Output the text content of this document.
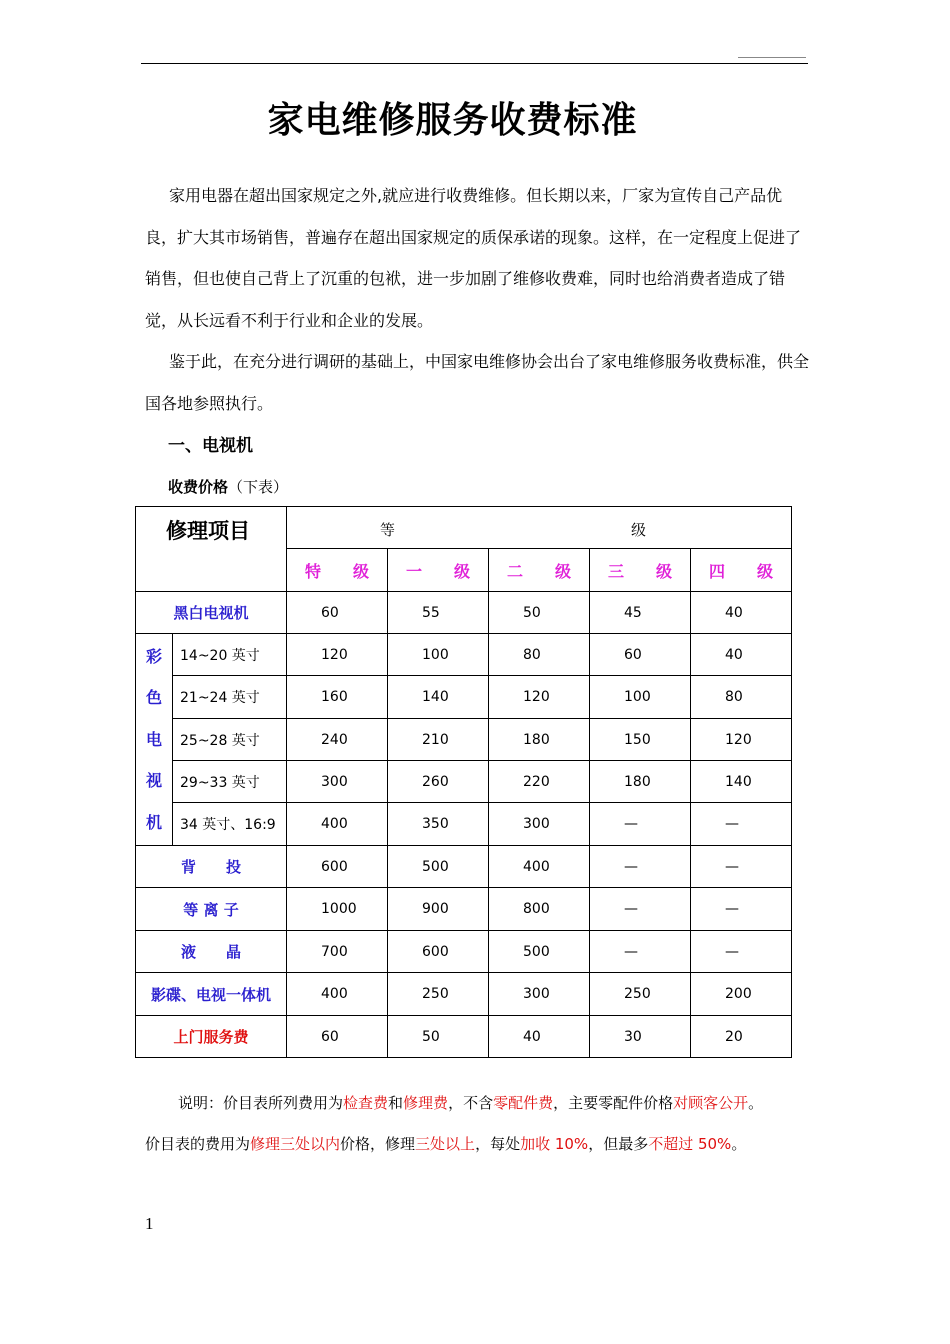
家电维修服务收费标准
家用电器在超出国家规定之外,就应进行收费维修。但长期以来，厂家为宣传自己产品优良，扩大其市场销售，普遍存在超出国家规定的质保承诺的现象。这样，在一定程度上促进了销售，但也使自己背上了沉重的包袱，进一步加剧了维修收费难，同时也给消费者造成了错觉，从长远看不利于行业和企业的发展。
鉴于此，在充分进行调研的基础上，中国家电维修协会出台了家电维修服务收费标准，供全国各地参照执行。
一、电视机
收费价格（下表）
修理项目		等 级				

		特　　级	一　　级	二　　级	三　　级	四　　级
黑白电视机		60	55	50	45	40

彩
色
电
视
机	14~20 英寸	120	100	80	60	40
	21~24 英寸	160	140	120	100	80
	25~28 英寸	240	210	180	150	120
	29~33 英寸	300	260	220	180	140
	34 英寸、16:9	400	350	300	—	—
背　　投		600	500	400	—	—
等 离 子		1000	900	800	—	—
液　　晶		700	600	500	—	—
影碟、电视一体机		400	250	300	250	200
上门服务费		60	50	40	30	20
说明：价目表所列费用为检查费和修理费，不含零配件费，主要零配件价格对顾客公开。
价目表的费用为修理三处以内价格，修理三处以上，每处加收 10%，但最多不超过 50%。
1
